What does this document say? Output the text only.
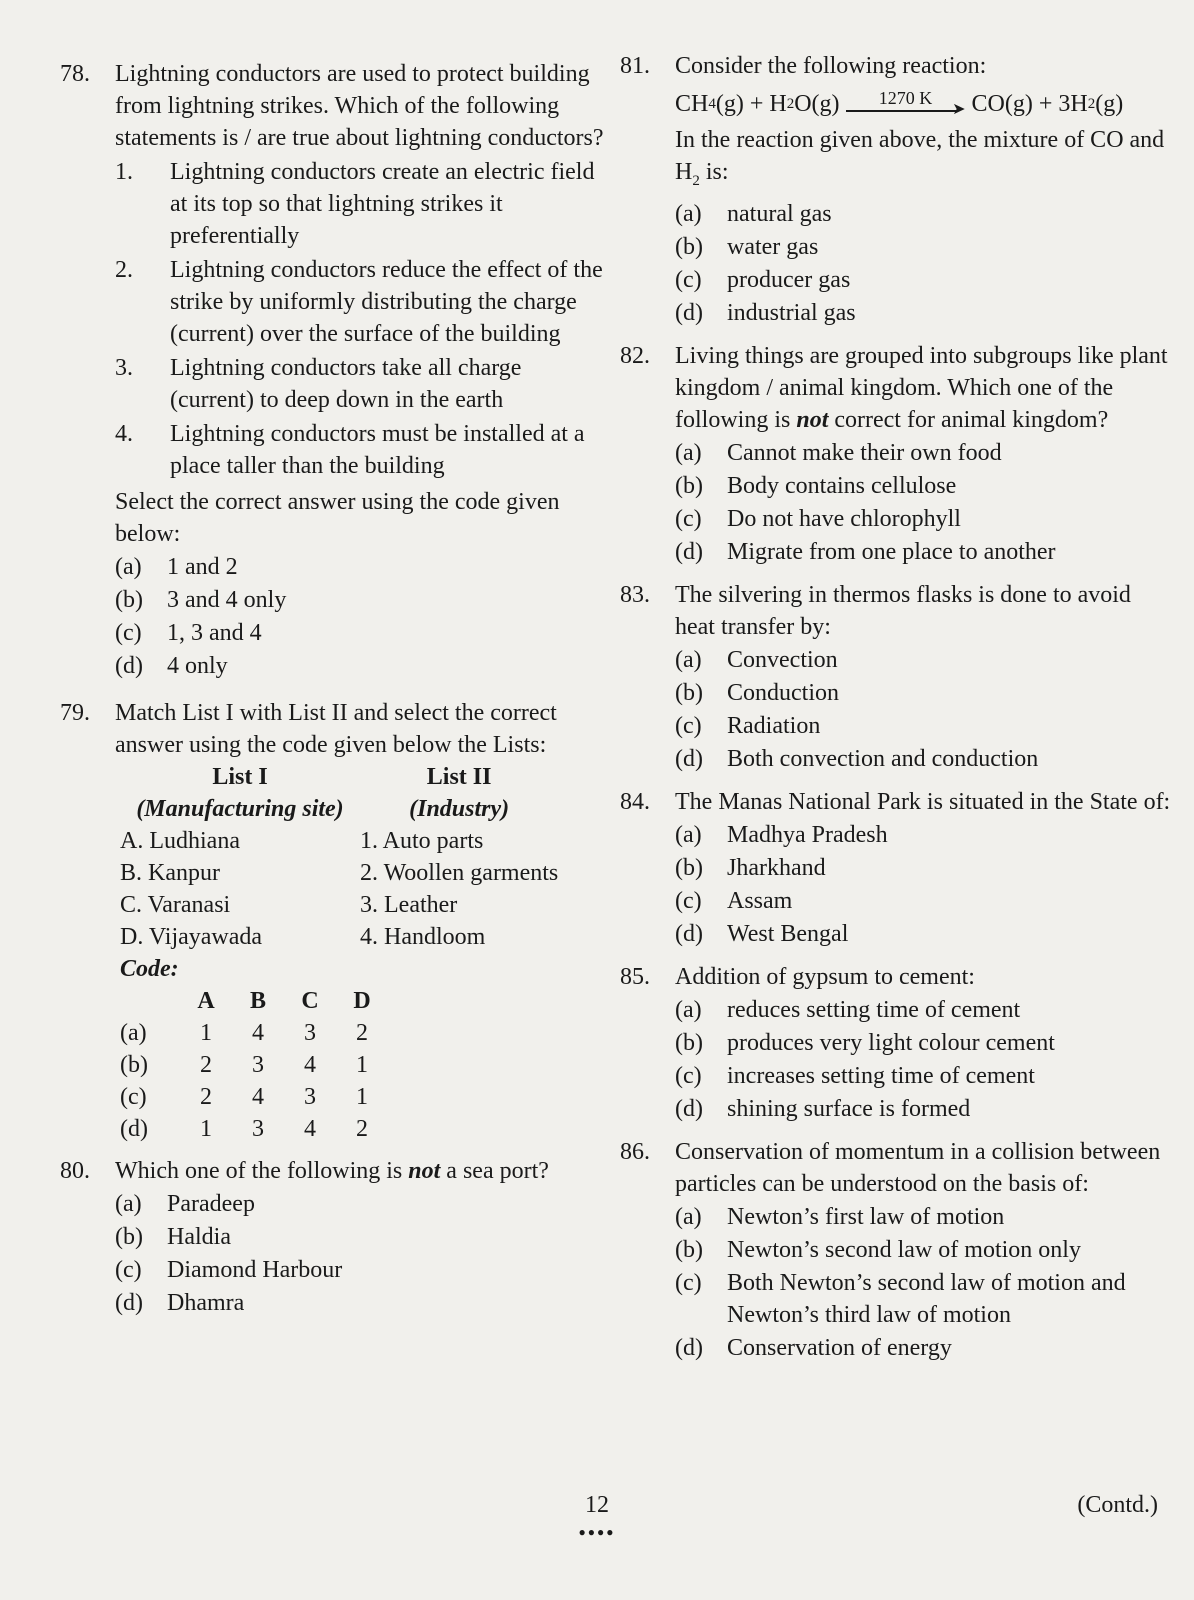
78.	Lightning conductors are used to protect building from lightning strikes. Which of the following statements is / are true about lightning conductors?
1.	Lightning conductors create an electric field at its top so that lightning strikes it preferentially
2.	Lightning conductors reduce the effect of the strike by uniformly distributing the charge (current) over the surface of the building
3.	Lightning conductors take all charge (current) to deep down in the earth
4.	Lightning conductors must be installed at a place taller than the building
Select the correct answer using the code given below:
(a)	1 and 2
(b)	3 and 4 only
(c)	1, 3 and 4
(d)	4 only
79.	Match List I with List II and select the correct answer using the code given below the Lists:
List I	List II
(Manufacturing site)	(Industry)
A. Ludhiana	1. Auto parts
B. Kanpur	2. Woollen garments
C. Varanasi	3. Leather
D. Vijayawada	4. Handloom
Code:
	A	B	C	D
(a)	1	4	3	2
(b)	2	3	4	1
(c)	2	4	3	1
(d)	1	3	4	2
80.	Which one of the following is not a sea port?
(a)	Paradeep
(b)	Haldia
(c)	Diamond Harbour
(d)	Dhamra
81.	Consider the following reaction:
CH 4 (g) + H 2 O(g)	1270 K
➤ CO(g) + 3H 2 (g)
In the reaction given above, the mixture of CO and $H_2$ is:
(a)	natural gas
(b)	water gas
(c)	producer gas
(d)	industrial gas
82.	Living things are grouped into subgroups like plant kingdom / animal kingdom. Which one of the following is not correct for animal kingdom?
(a)	Cannot make their own food
(b)	Body contains cellulose
(c)	Do not have chlorophyll
(d)	Migrate from one place to another
83.	The silvering in thermos flasks is done to avoid heat transfer by:
(a)	Convection
(b)	Conduction
(c)	Radiation
(d)	Both convection and conduction
84.	The Manas National Park is situated in the State of:
(a)	Madhya Pradesh
(b)	Jharkhand
(c)	Assam
(d)	West Bengal
85.	Addition of gypsum to cement:
(a)	reduces setting time of cement
(b)	produces very light colour cement
(c)	increases setting time of cement
(d)	shining surface is formed
86.	Conservation of momentum in a collision between particles can be understood on the basis of:
(a)	Newton’s first law of motion
(b)	Newton’s second law of motion only
(c)	Both Newton’s second law of motion and Newton’s third law of motion
(d)	Conservation of energy
12
●●●●
(Contd.)
